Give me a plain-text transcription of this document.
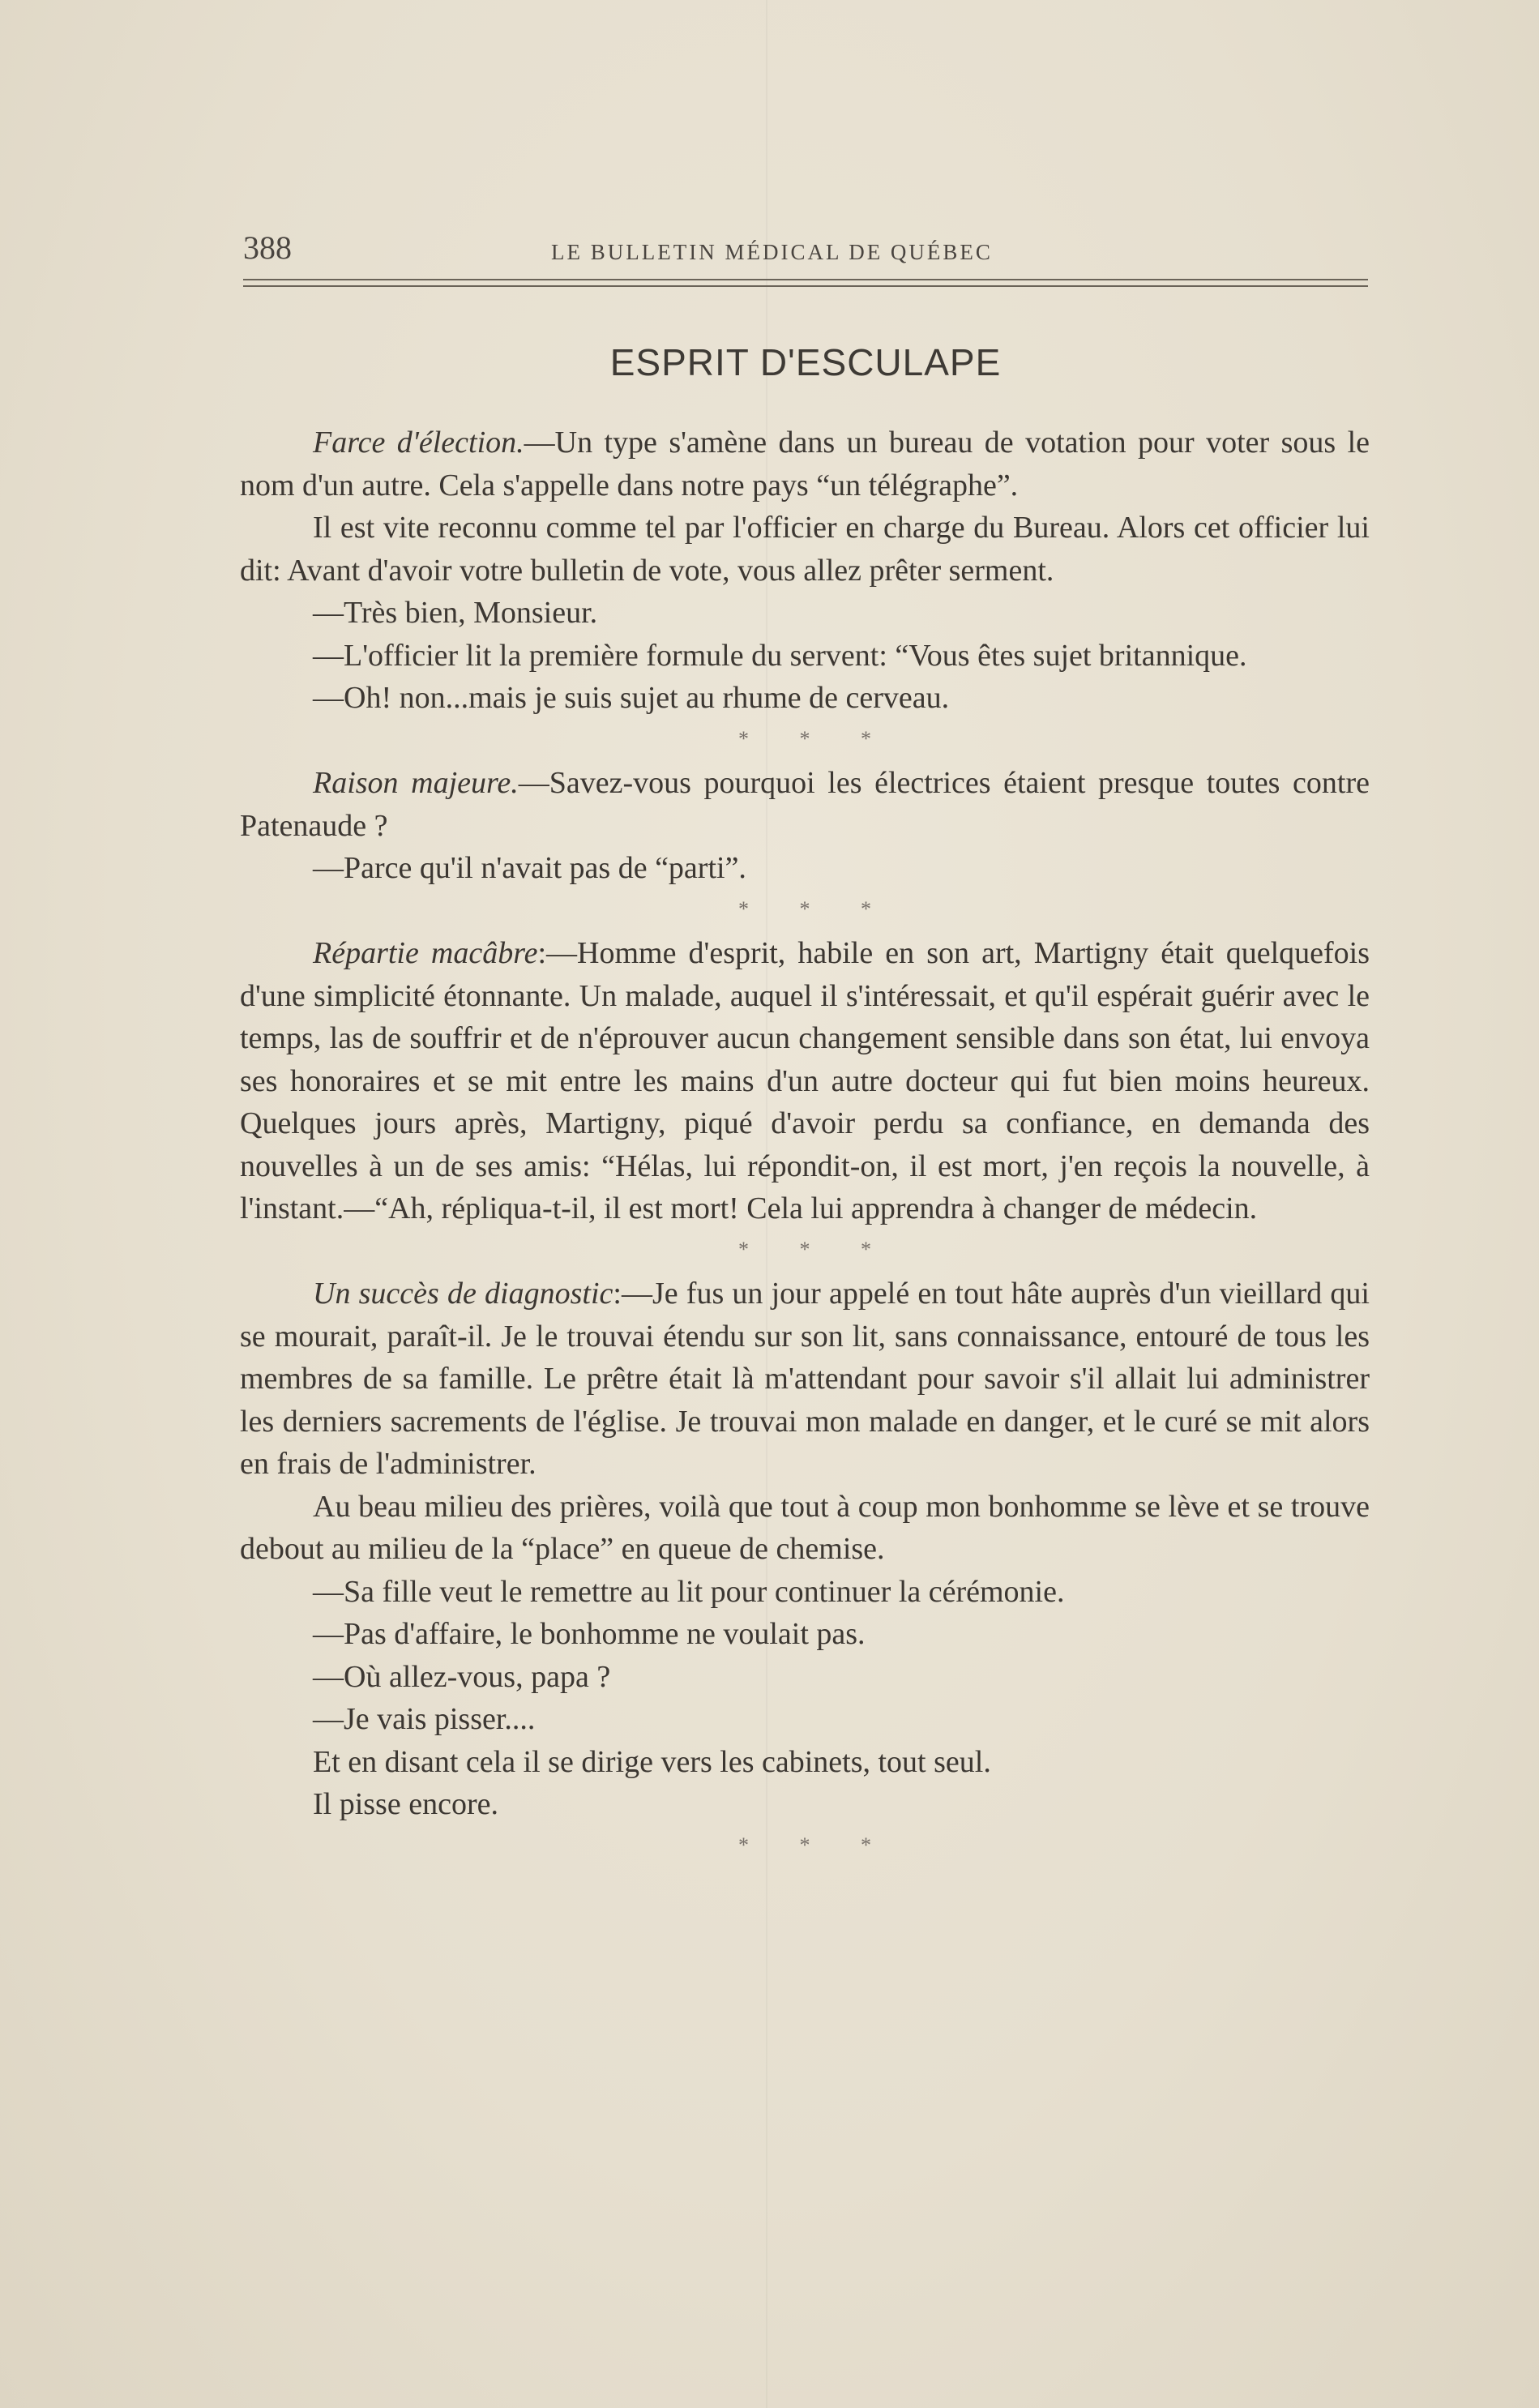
388	LE BULLETIN MÉDICAL DE QUÉBEC
ESPRIT D'ESCULAPE

Farce d'élection.—Un type s'amène dans un bureau de votation pour voter sous le nom d'un autre. Cela s'appelle dans notre pays “un télégraphe”.

Il est vite reconnu comme tel par l'officier en charge du Bureau. Alors cet officier lui dit: Avant d'avoir votre bulletin de vote, vous allez prêter serment.

—Très bien, Monsieur.

—L'officier lit la première formule du servent: “Vous êtes sujet britannique.

—Oh! non...mais je suis sujet au rhume de cerveau.

* * *

Raison majeure.—Savez-vous pourquoi les électrices étaient presque toutes contre Patenaude ?

—Parce qu'il n'avait pas de “parti”.

* * *

Répartie macâbre:—Homme d'esprit, habile en son art, Martigny était quelquefois d'une simplicité étonnante. Un malade, auquel il s'intéressait, et qu'il espérait guérir avec le temps, las de souffrir et de n'éprouver aucun changement sensible dans son état, lui envoya ses honoraires et se mit entre les mains d'un autre docteur qui fut bien moins heureux. Quelques jours après, Martigny, piqué d'avoir perdu sa confiance, en demanda des nouvelles à un de ses amis: “Hélas, lui répondit-on, il est mort, j'en reçois la nouvelle, à l'instant.—“Ah, répliqua-t-il, il est mort! Cela lui apprendra à changer de médecin.

* * *

Un succès de diagnostic:—Je fus un jour appelé en tout hâte auprès d'un vieillard qui se mourait, paraît-il. Je le trouvai étendu sur son lit, sans connaissance, entouré de tous les membres de sa famille. Le prêtre était là m'attendant pour savoir s'il allait lui administrer les derniers sacrements de l'église. Je trouvai mon malade en danger, et le curé se mit alors en frais de l'administrer.

Au beau milieu des prières, voilà que tout à coup mon bonhomme se lève et se trouve debout au milieu de la “place” en queue de chemise.

—Sa fille veut le remettre au lit pour continuer la cérémonie.

—Pas d'affaire, le bonhomme ne voulait pas.

—Où allez-vous, papa ?

—Je vais pisser....

Et en disant cela il se dirige vers les cabinets, tout seul.

Il pisse encore.

* * *
